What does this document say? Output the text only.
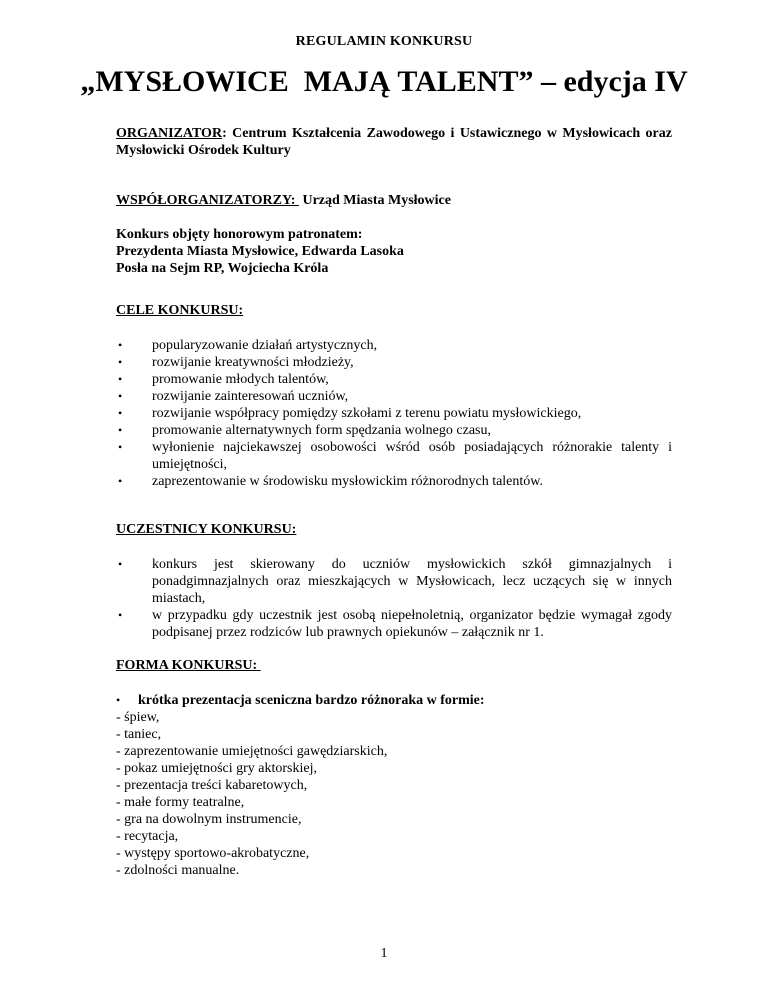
REGULAMIN KONKURSU
„MYSŁOWICE  MAJĄ TALENT” – edycja IV
ORGANIZATOR: Centrum Kształcenia Zawodowego i Ustawicznego w Mysłowicach oraz Mysłowicki Ośrodek Kultury
WSPÓŁORGANIZATORZY:  Urząd Miasta Mysłowice
Konkurs objęty honorowym patronatem:
Prezydenta Miasta Mysłowice, Edwarda Lasoka
Posła na Sejm RP, Wojciecha Króla
CELE KONKURSU:
• popularyzowanie działań artystycznych,
• rozwijanie kreatywności młodzieży,
• promowanie młodych talentów,
• rozwijanie zainteresowań uczniów,
• rozwijanie współpracy pomiędzy szkołami z terenu powiatu mysłowickiego,
• promowanie alternatywnych form spędzania wolnego czasu,
• wyłonienie najciekawszej osobowości wśród osób posiadających różnorakie talenty i umiejętności,
• zaprezentowanie w środowisku mysłowickim różnorodnych talentów.
UCZESTNICY KONKURSU:
• konkurs jest skierowany do uczniów mysłowickich szkół gimnazjalnych i ponadgimnazjalnych oraz mieszkających w Mysłowicach, lecz uczących się w innych miastach,
• w przypadku gdy uczestnik jest osobą niepełnoletnią, organizator będzie wymagał zgody podpisanej przez rodziców lub prawnych opiekunów – załącznik nr 1.
FORMA KONKURSU:
• krótka prezentacja sceniczna bardzo różnoraka w formie:
- śpiew,
- taniec,
- zaprezentowanie umiejętności gawędziarskich,
- pokaz umiejętności gry aktorskiej,
- prezentacja treści kabaretowych,
- małe formy teatralne,
- gra na dowolnym instrumencie,
- recytacja,
- występy sportowo-akrobatyczne,
- zdolności manualne.
1
